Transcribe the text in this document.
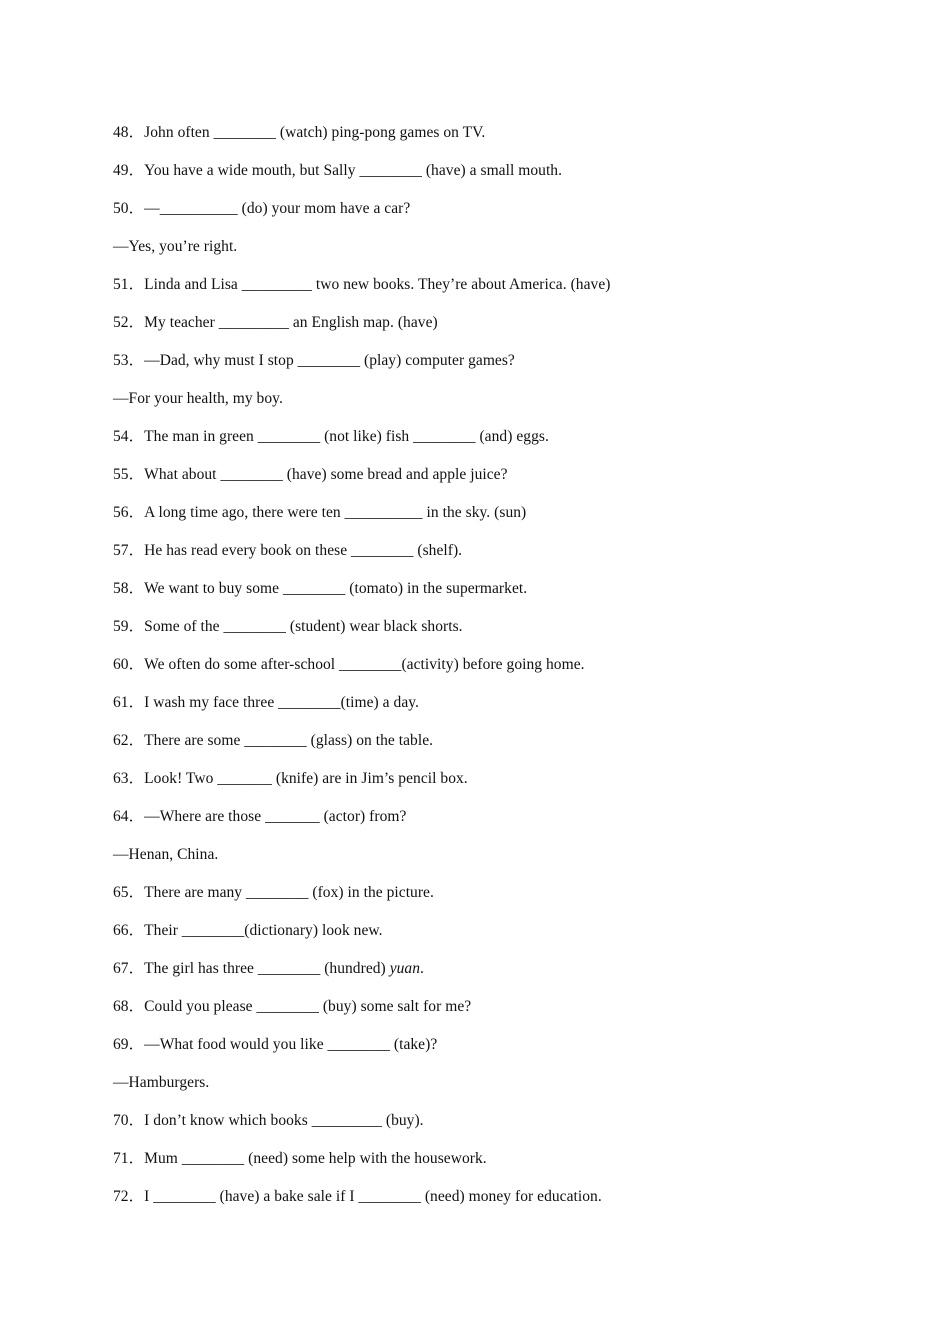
48．John often ________ (watch) ping-pong games on TV.
49．You have a wide mouth, but Sally ________ (have) a small mouth.
50．—__________ (do) your mom have a car?
—Yes, you’re right.
51．Linda and Lisa _________ two new books. They’re about America. (have)
52．My teacher _________ an English map. (have)
53．—Dad, why must I stop ________ (play) computer games?
—For your health, my boy.
54．The man in green ________ (not like) fish ________ (and) eggs.
55．What about ________ (have) some bread and apple juice?
56．A long time ago, there were ten __________ in the sky. (sun)
57．He has read every book on these ________ (shelf).
58．We want to buy some ________ (tomato) in the supermarket.
59．Some of the ________ (student) wear black shorts.
60．We often do some after-school ________(activity) before going home.
61．I wash my face three ________(time) a day.
62．There are some ________ (glass) on the table.
63．Look! Two _______ (knife) are in Jim’s pencil box.
64．—Where are those _______ (actor) from?
—Henan, China.
65．There are many ________ (fox) in the picture.
66．Their ________(dictionary) look new.
67．The girl has three ________ (hundred) yuan.
68．Could you please ________ (buy) some salt for me?
69．—What food would you like ________ (take)?
—Hamburgers.
70．I don’t know which books _________ (buy).
71．Mum ________ (need) some help with the housework.
72．I ________ (have) a bake sale if I ________ (need) money for education.
